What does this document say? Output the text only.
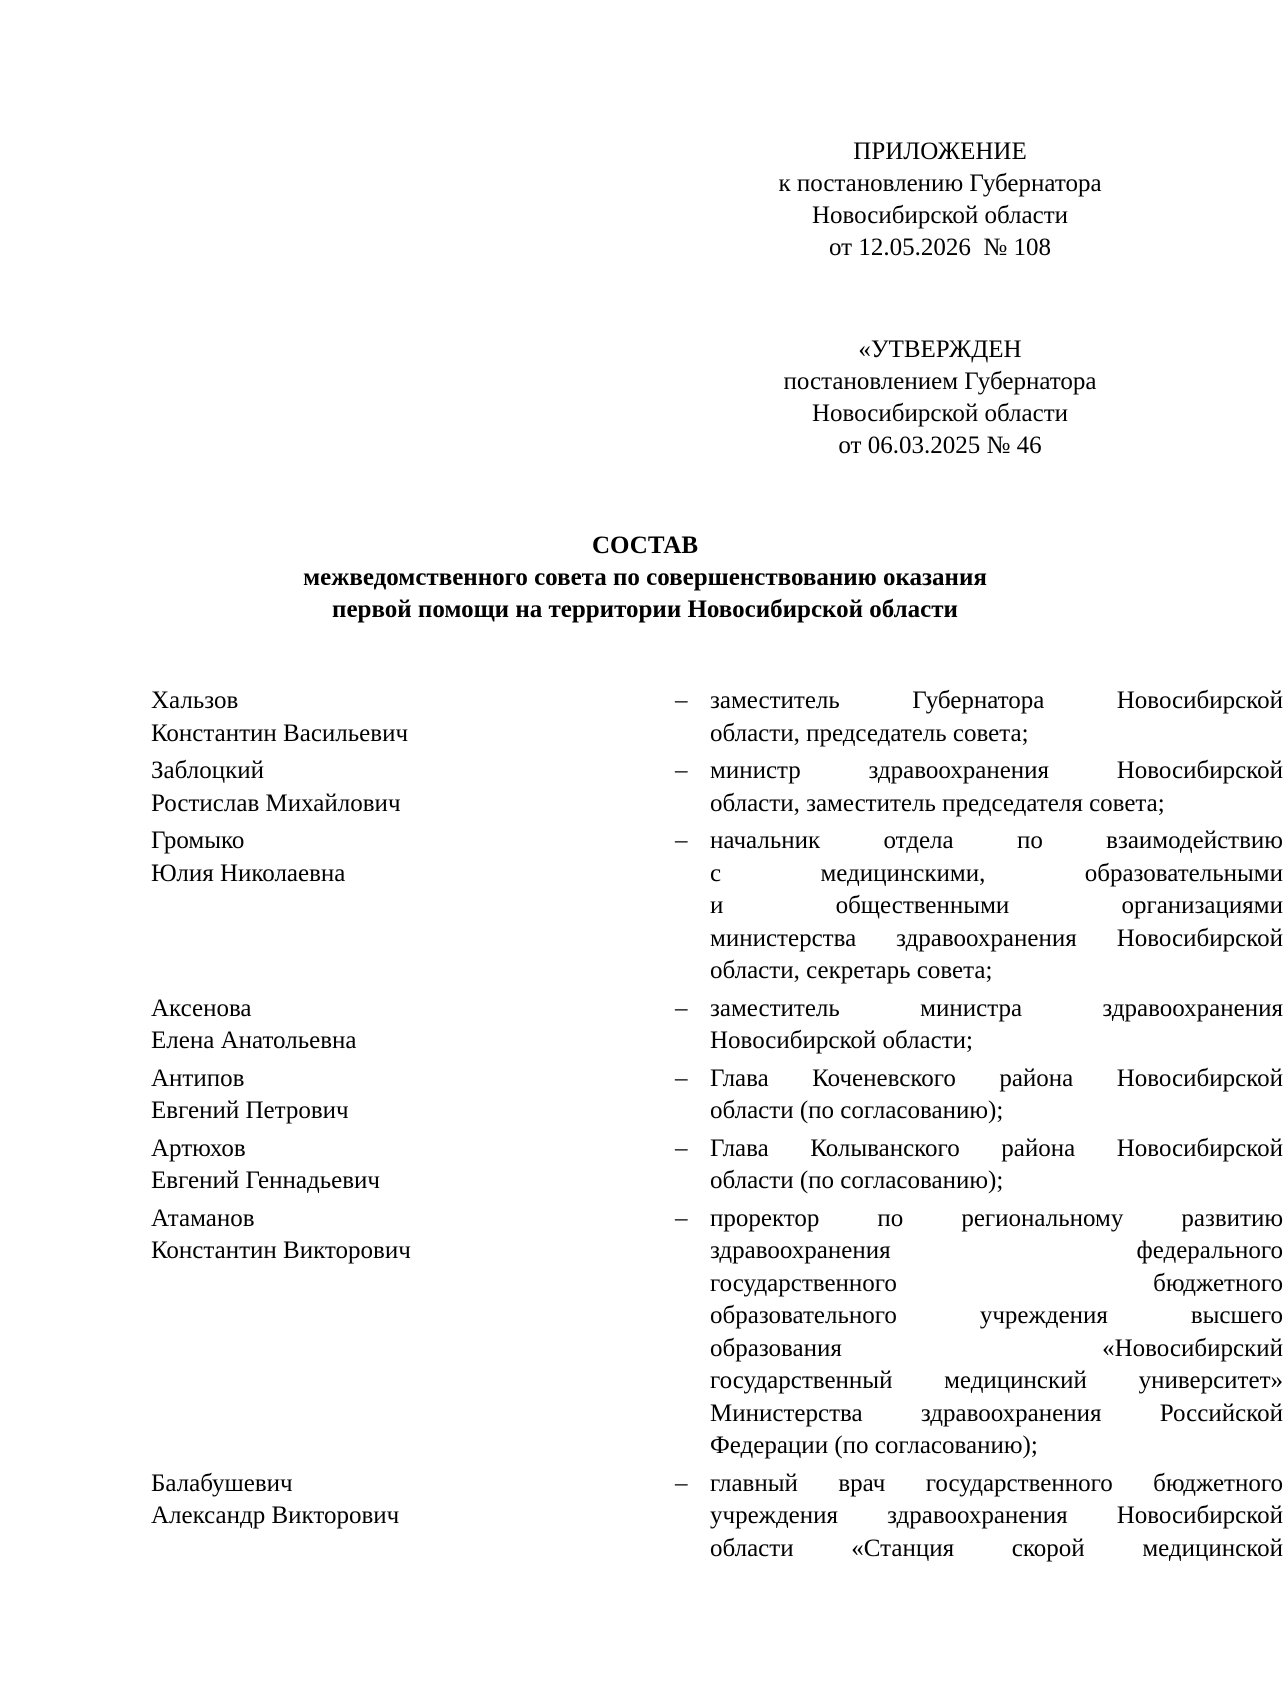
ПРИЛОЖЕНИЕ
к постановлению Губернатора
Новосибирской области
от 12.05.2026  № 108
«УТВЕРЖДЕН
постановлением Губернатора
Новосибирской области
от 06.03.2025 № 46
СОСТАВ
межведомственного совета по совершенствованию оказания
первой помощи на территории Новосибирской области
Хальзов
Константин Васильевич
– заместитель	Губернатора	Новосибирской
области, председатель совета;
Заблоцкий
Ростислав Михайлович
– министр	здравоохранения	Новосибирской
области, заместитель председателя совета;
Громыко
Юлия Николаевна
– начальник	отдела	по	взаимодействию
с	медицинскими,	образовательными
и	общественными	организациями
министерства здравоохранения Новосибирской
области, секретарь совета;
Аксенова
Елена Анатольевна
– заместитель	министра	здравоохранения
Новосибирской области;
Антипов
Евгений Петрович
– Глава Коченевского района Новосибирской
области (по согласованию);
Артюхов
Евгений Геннадьевич
– Глава Колыванского района Новосибирской
области (по согласованию);
Атаманов
Константин Викторович
– проректор по региональному развитию
здравоохранения	федерального
государственного	бюджетного
образовательного	учреждения	высшего
образования	«Новосибирский
государственный медицинский университет»
Министерства здравоохранения Российской
Федерации (по согласованию);
Балабушевич
Александр Викторович
– главный врач государственного бюджетного
учреждения здравоохранения Новосибирской
области «Станция скорой медицинской
